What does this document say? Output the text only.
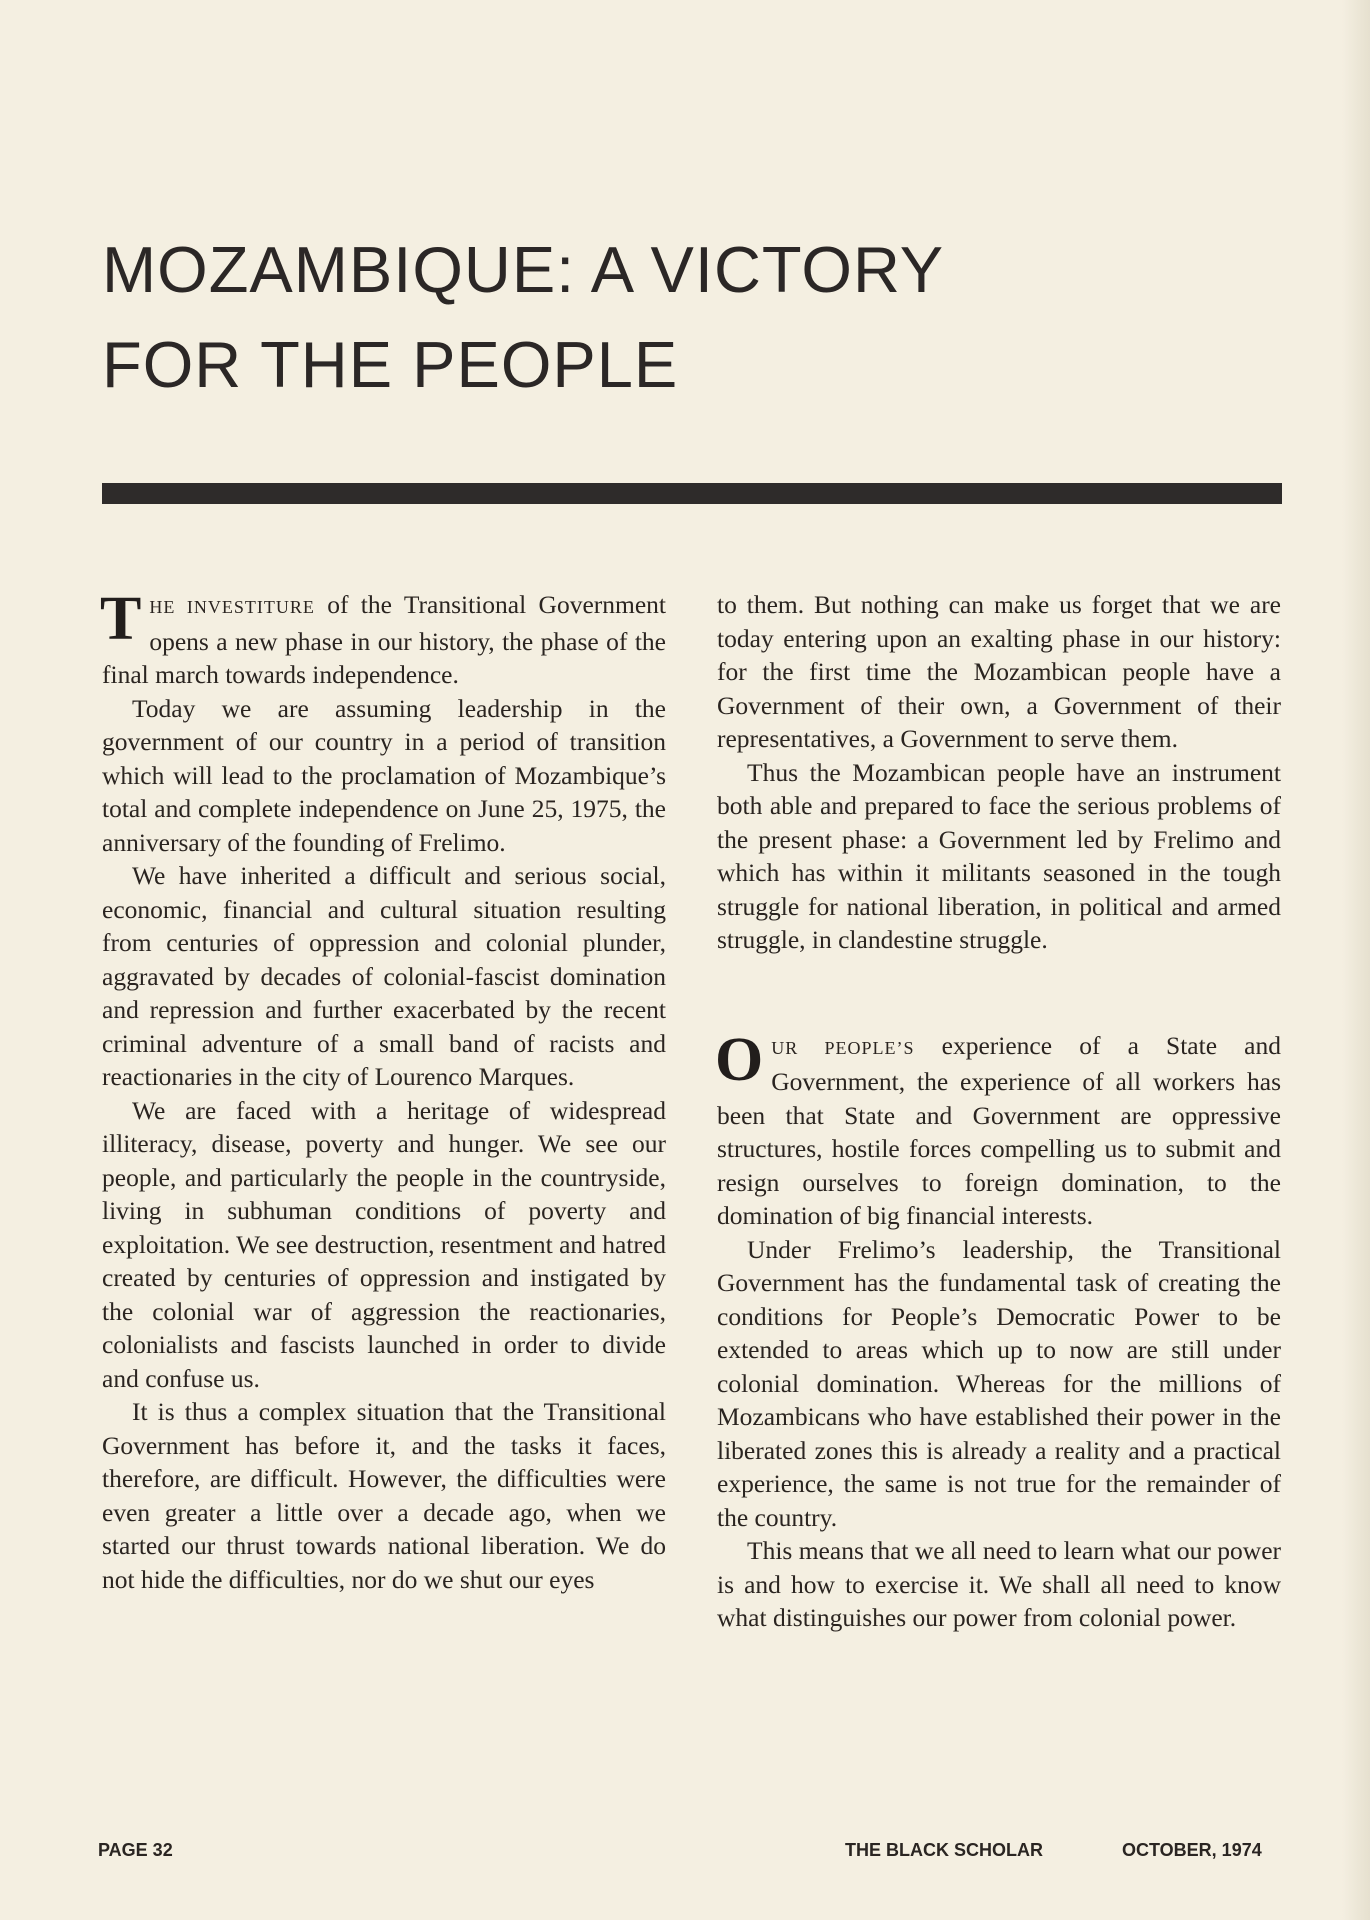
MOZAMBIQUE: A VICTORY FOR THE PEOPLE

THE INVESTITURE of the Transitional Government opens a new phase in our history, the phase of the final march towards independence.

Today we are assuming leadership in the government of our country in a period of transition which will lead to the proclamation of Mozambique’s total and complete independence on June 25, 1975, the anniversary of the founding of Frelimo.

We have inherited a difficult and serious social, economic, financial and cultural situation resulting from centuries of oppression and colonial plunder, aggravated by decades of colonial-fascist domination and repression and further exacerbated by the recent criminal adventure of a small band of racists and reactionaries in the city of Lourenco Marques.

We are faced with a heritage of widespread illiteracy, disease, poverty and hunger. We see our people, and particularly the people in the countryside, living in subhuman conditions of poverty and exploitation. We see destruction, resentment and hatred created by centuries of oppression and instigated by the colonial war of aggression the reactionaries, colonialists and fascists launched in order to divide and confuse us.

It is thus a complex situation that the Transitional Government has before it, and the tasks it faces, therefore, are difficult. However, the difficulties were even greater a little over a decade ago, when we started our thrust towards national liberation. We do not hide the difficulties, nor do we shut our eyes

to them. But nothing can make us forget that we are today entering upon an exalting phase in our history: for the first time the Mozambican people have a Government of their own, a Government of their representatives, a Government to serve them.

Thus the Mozambican people have an instrument both able and prepared to face the serious problems of the present phase: a Government led by Frelimo and which has within it militants seasoned in the tough struggle for national liberation, in political and armed struggle, in clandestine struggle.

OUR PEOPLE’S experience of a State and Government, the experience of all workers has been that State and Government are oppressive structures, hostile forces compelling us to submit and resign ourselves to foreign domination, to the domination of big financial interests.

Under Frelimo’s leadership, the Transitional Government has the fundamental task of creating the conditions for People’s Democratic Power to be extended to areas which up to now are still under colonial domination. Whereas for the millions of Mozambicans who have established their power in the liberated zones this is already a reality and a practical experience, the same is not true for the remainder of the country.

This means that we all need to learn what our power is and how to exercise it. We shall all need to know what distinguishes our power from colonial power.

PAGE 32	THE BLACK SCHOLAR	OCTOBER, 1974
